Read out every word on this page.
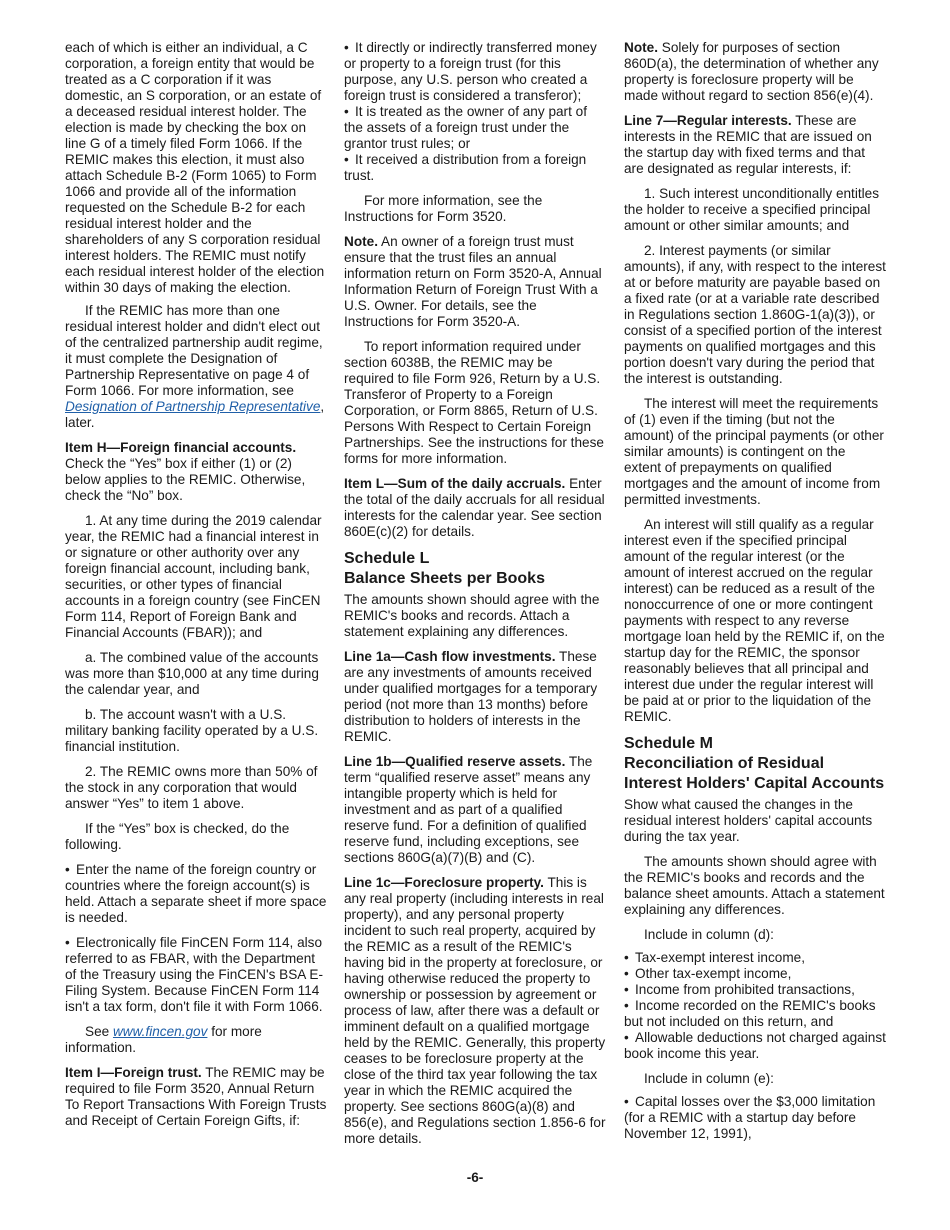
each of which is either an individual, a C corporation, a foreign entity that would be treated as a C corporation if it was domestic, an S corporation, or an estate of a deceased residual interest holder. The election is made by checking the box on line G of a timely filed Form 1066. If the REMIC makes this election, it must also attach Schedule B-2 (Form 1065) to Form 1066 and provide all of the information requested on the Schedule B-2 for each residual interest holder and the shareholders of any S corporation residual interest holders. The REMIC must notify each residual interest holder of the election within 30 days of making the election.

If the REMIC has more than one residual interest holder and didn't elect out of the centralized partnership audit regime, it must complete the Designation of Partnership Representative on page 4 of Form 1066. For more information, see Designation of Partnership Representative, later.

Item H—Foreign financial accounts. Check the “Yes” box if either (1) or (2) below applies to the REMIC. Otherwise, check the “No” box.

1. At any time during the 2019 calendar year, the REMIC had a financial interest in or signature or other authority over any foreign financial account, including bank, securities, or other types of financial accounts in a foreign country (see FinCEN Form 114, Report of Foreign Bank and Financial Accounts (FBAR)); and

a. The combined value of the accounts was more than $10,000 at any time during the calendar year, and

b. The account wasn't with a U.S. military banking facility operated by a U.S. financial institution.

2. The REMIC owns more than 50% of the stock in any corporation that would answer “Yes” to item 1 above.

If the “Yes” box is checked, do the following.

• Enter the name of the foreign country or countries where the foreign account(s) is held. Attach a separate sheet if more space is needed.

• Electronically file FinCEN Form 114, also referred to as FBAR, with the Department of the Treasury using the FinCEN's BSA E-Filing System. Because FinCEN Form 114 isn't a tax form, don't file it with Form 1066.

See www.fincen.gov for more information.

Item I—Foreign trust. The REMIC may be required to file Form 3520, Annual Return To Report Transactions With Foreign Trusts and Receipt of Certain Foreign Gifts, if:

• It directly or indirectly transferred money or property to a foreign trust (for this purpose, any U.S. person who created a foreign trust is considered a transferor);

• It is treated as the owner of any part of the assets of a foreign trust under the grantor trust rules; or

• It received a distribution from a foreign trust.

For more information, see the Instructions for Form 3520.

Note. An owner of a foreign trust must ensure that the trust files an annual information return on Form 3520-A, Annual Information Return of Foreign Trust With a U.S. Owner. For details, see the Instructions for Form 3520-A.

To report information required under section 6038B, the REMIC may be required to file Form 926, Return by a U.S. Transferor of Property to a Foreign Corporation, or Form 8865, Return of U.S. Persons With Respect to Certain Foreign Partnerships. See the instructions for these forms for more information.

Item L—Sum of the daily accruals. Enter the total of the daily accruals for all residual interests for the calendar year. See section 860E(c)(2) for details.

Schedule L
Balance Sheets per Books

The amounts shown should agree with the REMIC's books and records. Attach a statement explaining any differences.

Line 1a—Cash flow investments. These are any investments of amounts received under qualified mortgages for a temporary period (not more than 13 months) before distribution to holders of interests in the REMIC.

Line 1b—Qualified reserve assets. The term “qualified reserve asset” means any intangible property which is held for investment and as part of a qualified reserve fund. For a definition of qualified reserve fund, including exceptions, see sections 860G(a)(7)(B) and (C).

Line 1c—Foreclosure property. This is any real property (including interests in real property), and any personal property incident to such real property, acquired by the REMIC as a result of the REMIC's having bid in the property at foreclosure, or having otherwise reduced the property to ownership or possession by agreement or process of law, after there was a default or imminent default on a qualified mortgage held by the REMIC. Generally, this property ceases to be foreclosure property at the close of the third tax year following the tax year in which the REMIC acquired the property. See sections 860G(a)(8) and 856(e), and Regulations section 1.856-6 for more details.

Note. Solely for purposes of section 860D(a), the determination of whether any property is foreclosure property will be made without regard to section 856(e)(4).

Line 7—Regular interests. These are interests in the REMIC that are issued on the startup day with fixed terms and that are designated as regular interests, if:

1. Such interest unconditionally entitles the holder to receive a specified principal amount or other similar amounts; and

2. Interest payments (or similar amounts), if any, with respect to the interest at or before maturity are payable based on a fixed rate (or at a variable rate described in Regulations section 1.860G-1(a)(3)), or consist of a specified portion of the interest payments on qualified mortgages and this portion doesn't vary during the period that the interest is outstanding.

The interest will meet the requirements of (1) even if the timing (but not the amount) of the principal payments (or other similar amounts) is contingent on the extent of prepayments on qualified mortgages and the amount of income from permitted investments.

An interest will still qualify as a regular interest even if the specified principal amount of the regular interest (or the amount of interest accrued on the regular interest) can be reduced as a result of the nonoccurrence of one or more contingent payments with respect to any reverse mortgage loan held by the REMIC if, on the startup day for the REMIC, the sponsor reasonably believes that all principal and interest due under the regular interest will be paid at or prior to the liquidation of the REMIC.

Schedule M
Reconciliation of Residual Interest Holders' Capital Accounts

Show what caused the changes in the residual interest holders' capital accounts during the tax year.

The amounts shown should agree with the REMIC's books and records and the balance sheet amounts. Attach a statement explaining any differences.

Include in column (d):

• Tax-exempt interest income,

• Other tax-exempt income,

• Income from prohibited transactions,

• Income recorded on the REMIC's books but not included on this return, and

• Allowable deductions not charged against book income this year.

Include in column (e):

• Capital losses over the $3,000 limitation (for a REMIC with a startup day before November 12, 1991),

-6-
